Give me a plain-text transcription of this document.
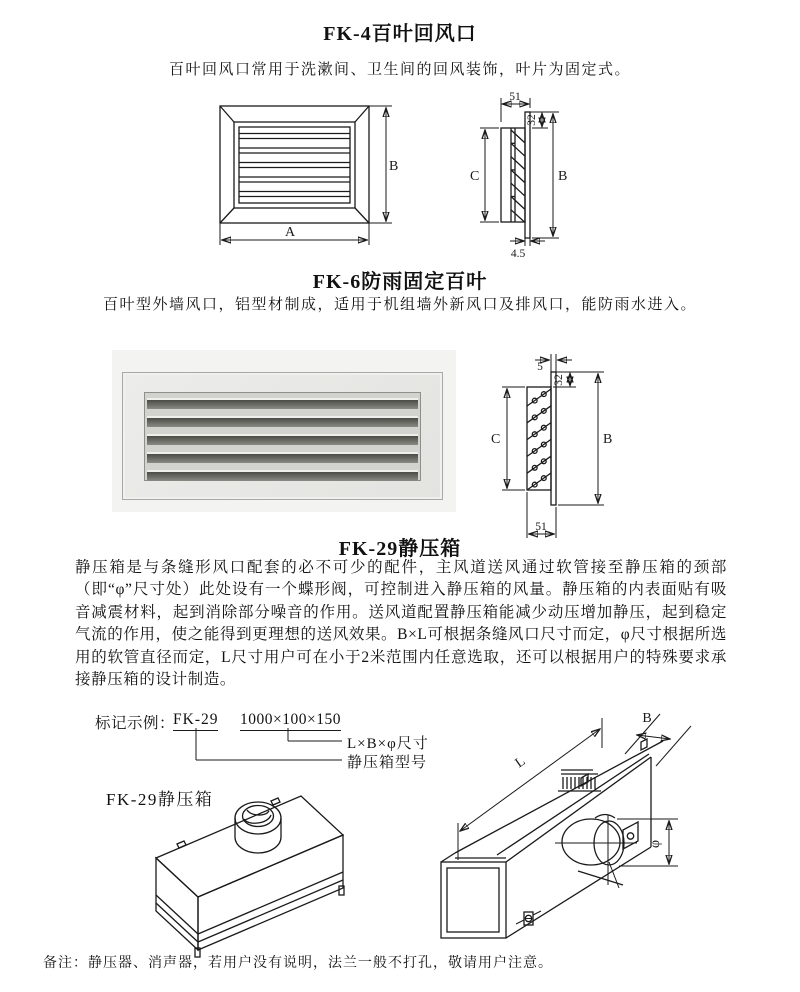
FK-4百叶回风口
百叶回风口常用于洗漱间、卫生间的回风装饰，叶片为固定式。
B
A
51
32
C	B
4.5
FK-6防雨固定百叶
百叶型外墙风口，铝型材制成，适用于机组墙外新风口及排风口，能防雨水进入。
5
32
C	B
51
FK-29静压箱
静压箱是与条缝形风口配套的必不可少的配件，主风道送风通过软管接至静压箱的颈部（即“φ”尺寸处）此处设有一个蝶形阀，可控制进入静压箱的风量。静压箱的内表面贴有吸音减震材料，起到消除部分噪音的作用。送风道配置静压箱能减少动压增加静压，起到稳定气流的作用，使之能得到更理想的送风效果。B×L可根据条缝风口尺寸而定，φ尺寸根据所选用的软管直径而定，L尺寸用户可在小于2米范围内任意选取，还可以根据用户的特殊要求承接静压箱的设计制造。
标记示例：
FK-29 1000×100×150
L×B×φ尺寸
静压箱型号
FK-29静压箱
L
B
φ
备注：静压器、消声器，若用户没有说明，法兰一般不打孔，敬请用户注意。
